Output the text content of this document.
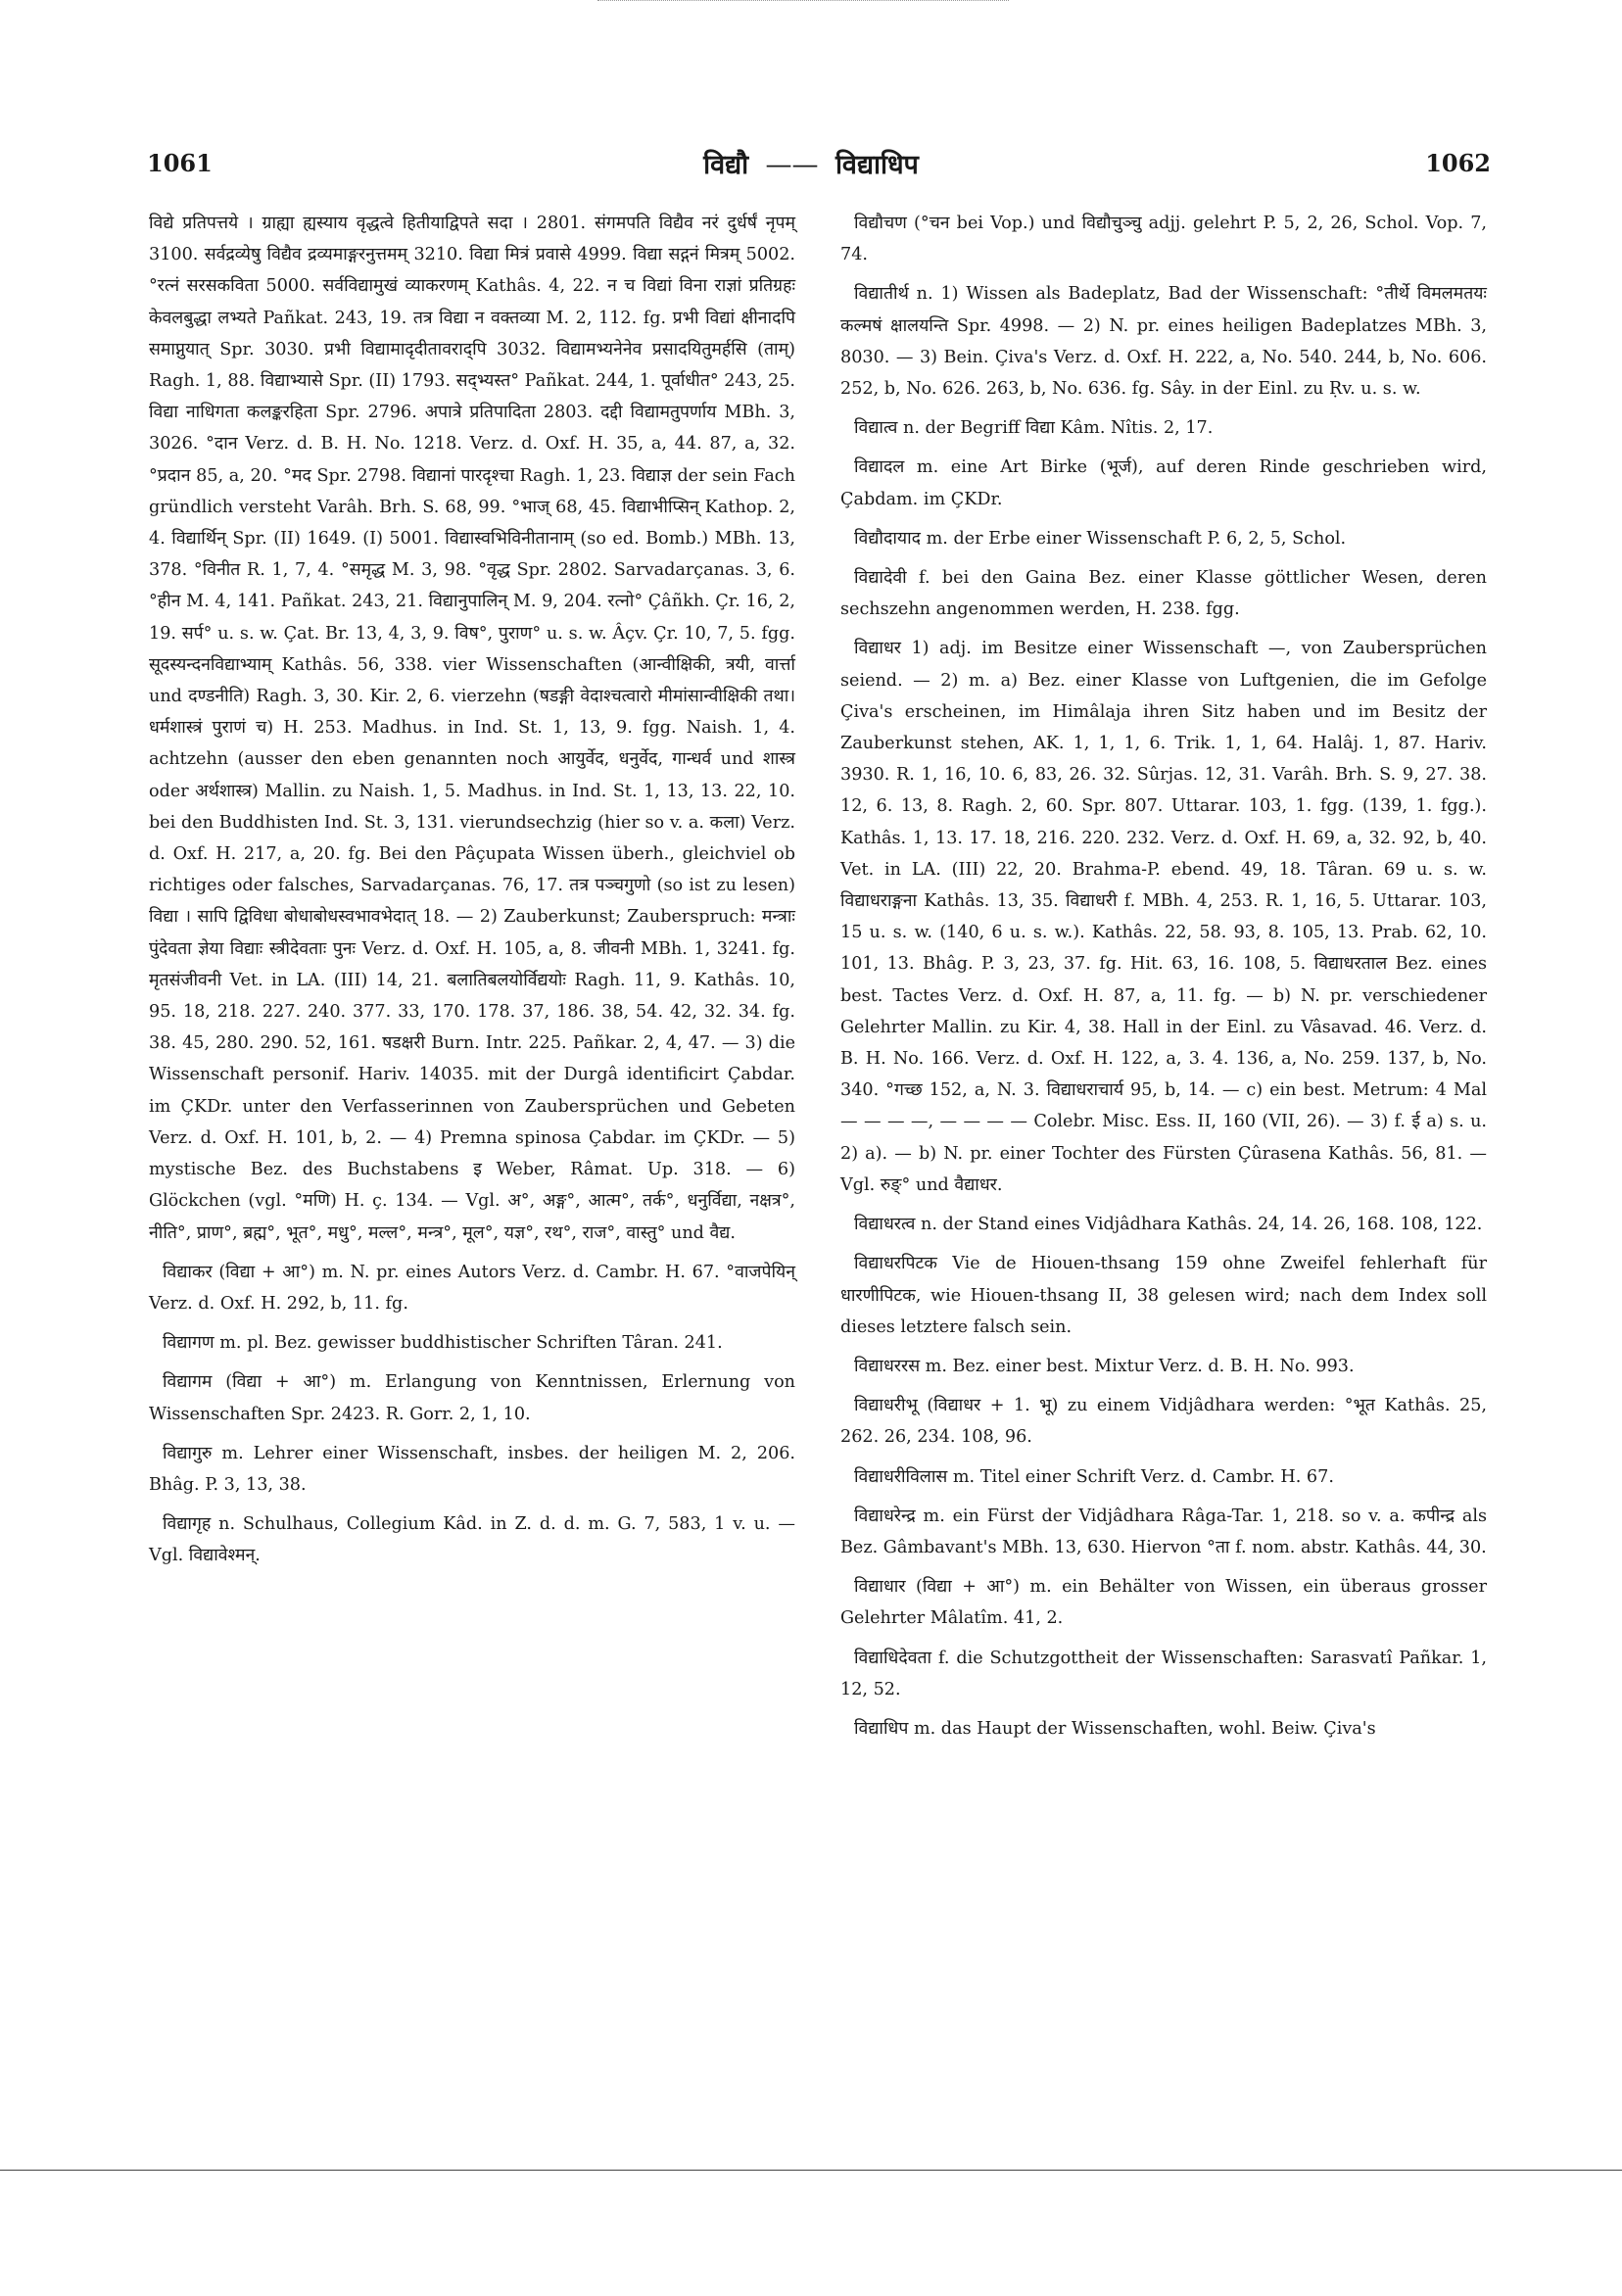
1061	विद्यौ —— विद्याधिप	1062

विद्ये प्रतिपत्तये । ग्राह्या ह्यस्याय वृद्धत्वे हितीयाद्विपते सदा । 2801. संगमपति विद्यैव नरं दुर्धर्षं नृपम् 3100. सर्वद्रव्येषु विद्यैव द्रव्यमाङ्गरनुत्तमम् 3210. विद्या मित्रं प्रवासे 4999. विद्या सद्गनं मित्रम् 5002. °रत्नं सरसकविता 5000. सर्वविद्यामुखं व्याकरणम् Kathâs. 4, 22. न च विद्यां विना राज्ञां प्रतिग्रहः केवलबुद्धा लभ्यते Pañkat. 243, 19. तत्र विद्या न वक्तव्या M. 2, 112. fg. प्रभी विद्यां क्षीनादपि समाप्नुयात् Spr. 3030. प्रभी विद्यामादृदीतावराद्पि 3032. विद्यामभ्यनेनेव प्रसादयितुमर्हसि (ताम्) Ragh. 1, 88. विद्याभ्यासे Spr. (II) 1793. सद्भ्यस्त° Pañkat. 244, 1. पूर्वाधीत° 243, 25. विद्या नाधिगता कलङ्करहिता Spr. 2796. अपात्रे प्रतिपादिता 2803. दद्दी विद्यामतुपर्णाय MBh. 3, 3026. °दान Verz. d. B. H. No. 1218. Verz. d. Oxf. H. 35, a, 44. 87, a, 32. °प्रदान 85, a, 20. °मद Spr. 2798. विद्यानां पारदृश्चा Ragh. 1, 23. विद्याज्ञ der sein Fach gründlich versteht Varâh. Brh. S. 68, 99. °भाज् 68, 45. विद्याभीप्सिन् Kathop. 2, 4. विद्यार्थिन् Spr. (II) 1649. (I) 5001. विद्यास्वभिविनीतानाम् (so ed. Bomb.) MBh. 13, 378. °विनीत R. 1, 7, 4. °समृद्ध M. 3, 98. °वृद्ध Spr. 2802. Sarvadarçanas. 3, 6. °हीन M. 4, 141. Pañkat. 243, 21. विद्यानुपालिन् M. 9, 204. रत्नो° Çâñkh. Çr. 16, 2, 19. सर्प° u. s. w. Çat. Br. 13, 4, 3, 9. विष°, पुराण° u. s. w. Âçv. Çr. 10, 7, 5. fgg. सूदस्यन्दनविद्याभ्याम् Kathâs. 56, 338. vier Wissenschaften (आन्वीक्षिकी, त्रयी, वार्त्ता und दण्डनीति) Ragh. 3, 30. Kir. 2, 6. vierzehn (षडङ्गी वेदाश्चत्वारो मीमांसान्वीक्षिकी तथा। धर्मशास्त्रं पुराणं च) H. 253. Madhus. in Ind. St. 1, 13, 9. fgg. Naish. 1, 4. achtzehn (ausser den eben genannten noch आयुर्वेद, धनुर्वेद, गान्धर्व und शास्त्र oder अर्थशास्त्र) Mallin. zu Naish. 1, 5. Madhus. in Ind. St. 1, 13, 13. 22, 10. bei den Buddhisten Ind. St. 3, 131. vierundsechzig (hier so v. a. कला) Verz. d. Oxf. H. 217, a, 20. fg. Bei den Pâçupata Wissen überh., gleichviel ob richtiges oder falsches, Sarvadarçanas. 76, 17. तत्र पञ्चगुणो (so ist zu lesen) विद्या । सापि द्विविधा बोधाबोधस्वभावभेदात् 18. — 2) Zauberkunst; Zauberspruch: मन्त्राः पुंदेवता ज्ञेया विद्याः स्त्रीदेवताः पुनः Verz. d. Oxf. H. 105, a, 8. जीवनी MBh. 1, 3241. fg. मृतसंजीवनी Vet. in LA. (III) 14, 21. बलातिबलयोर्विद्ययोः Ragh. 11, 9. Kathâs. 10, 95. 18, 218. 227. 240. 377. 33, 170. 178. 37, 186. 38, 54. 42, 32. 34. fg. 38. 45, 280. 290. 52, 161. षडक्षरी Burn. Intr. 225. Pañkar. 2, 4, 47. — 3) die Wissenschaft personif. Hariv. 14035. mit der Durgâ identificirt Çabdar. im ÇKDr. unter den Verfasserinnen von Zaubersprüchen und Gebeten Verz. d. Oxf. H. 101, b, 2. — 4) Premna spinosa Çabdar. im ÇKDr. — 5) mystische Bez. des Buchstabens इ Weber, Râmat. Up. 318. — 6) Glöckchen (vgl. °मणि) H. ç. 134. — Vgl. अ°, अङ्ग°, आत्म°, तर्क°, धनुर्विद्या, नक्षत्र°, नीति°, प्राण°, ब्रह्म°, भूत°, मधु°, मल्ल°, मन्त्र°, मूल°, यज्ञ°, रथ°, राज°, वास्तु° und वैद्य.

विद्याकर (विद्या + आ°) m. N. pr. eines Autors Verz. d. Cambr. H. 67. °वाजपेयिन् Verz. d. Oxf. H. 292, b, 11. fg.

विद्यागण m. pl. Bez. gewisser buddhistischer Schriften Târan. 241.

विद्यागम (विद्या + आ°) m. Erlangung von Kenntnissen, Erlernung von Wissenschaften Spr. 2423. R. Gorr. 2, 1, 10.

विद्यागुरु m. Lehrer einer Wissenschaft, insbes. der heiligen M. 2, 206. Bhâg. P. 3, 13, 38.

विद्यागृह n. Schulhaus, Collegium Kâd. in Z. d. d. m. G. 7, 583, 1 v. u. — Vgl. विद्यावेश्मन्.

विद्यौचण (°चन bei Vop.) und विद्यौचुञ्चु adjj. gelehrt P. 5, 2, 26, Schol. Vop. 7, 74.

विद्यातीर्थ n. 1) Wissen als Badeplatz, Bad der Wissenschaft: °तीर्थे विमलमतयः कल्मषं क्षालयन्ति Spr. 4998. — 2) N. pr. eines heiligen Badeplatzes MBh. 3, 8030. — 3) Bein. Çiva's Verz. d. Oxf. H. 222, a, No. 540. 244, b, No. 606. 252, b, No. 626. 263, b, No. 636. fg. Sây. in der Einl. zu Ṛv. u. s. w.

विद्यात्व n. der Begriff विद्या Kâm. Nîtis. 2, 17.

विद्यादल m. eine Art Birke (भूर्ज), auf deren Rinde geschrieben wird, Çabdam. im ÇKDr.

विद्यौदायाद m. der Erbe einer Wissenschaft P. 6, 2, 5, Schol.

विद्यादेवी f. bei den Gaina Bez. einer Klasse göttlicher Wesen, deren sechszehn angenommen werden, H. 238. fgg.

विद्याधर 1) adj. im Besitze einer Wissenschaft —, von Zaubersprüchen seiend. — 2) m. a) Bez. einer Klasse von Luftgenien, die im Gefolge Çiva's erscheinen, im Himâlaja ihren Sitz haben und im Besitz der Zauberkunst stehen, AK. 1, 1, 1, 6. Trik. 1, 1, 64. Halâj. 1, 87. Hariv. 3930. R. 1, 16, 10. 6, 83, 26. 32. Sûrjas. 12, 31. Varâh. Brh. S. 9, 27. 38. 12, 6. 13, 8. Ragh. 2, 60. Spr. 807. Uttarar. 103, 1. fgg. (139, 1. fgg.). Kathâs. 1, 13. 17. 18, 216. 220. 232. Verz. d. Oxf. H. 69, a, 32. 92, b, 40. Vet. in LA. (III) 22, 20. Brahma-P. ebend. 49, 18. Târan. 69 u. s. w. विद्याधराङ्गना Kathâs. 13, 35. विद्याधरी f. MBh. 4, 253. R. 1, 16, 5. Uttarar. 103, 15 u. s. w. (140, 6 u. s. w.). Kathâs. 22, 58. 93, 8. 105, 13. Prab. 62, 10. 101, 13. Bhâg. P. 3, 23, 37. fg. Hit. 63, 16. 108, 5. विद्याधरताल Bez. eines best. Tactes Verz. d. Oxf. H. 87, a, 11. fg. — b) N. pr. verschiedener Gelehrter Mallin. zu Kir. 4, 38. Hall in der Einl. zu Vâsavad. 46. Verz. d. B. H. No. 166. Verz. d. Oxf. H. 122, a, 3. 4. 136, a, No. 259. 137, b, No. 340. °गच्छ 152, a, N. 3. विद्याधराचार्य 95, b, 14. — c) ein best. Metrum: 4 Mal — — — —, — — — — Colebr. Misc. Ess. II, 160 (VII, 26). — 3) f. ई a) s. u. 2) a). — b) N. pr. einer Tochter des Fürsten Çûrasena Kathâs. 56, 81. — Vgl. रुङ्° und वैद्याधर.

विद्याधरत्व n. der Stand eines Vidjâdhara Kathâs. 24, 14. 26, 168. 108, 122.

विद्याधरपिटक Vie de Hiouen-thsang 159 ohne Zweifel fehlerhaft für धारणीपिटक, wie Hiouen-thsang II, 38 gelesen wird; nach dem Index soll dieses letztere falsch sein.

विद्याधररस m. Bez. einer best. Mixtur Verz. d. B. H. No. 993.

विद्याधरीभू (विद्याधर + 1. भू) zu einem Vidjâdhara werden: °भूत Kathâs. 25, 262. 26, 234. 108, 96.

विद्याधरीविलास m. Titel einer Schrift Verz. d. Cambr. H. 67.

विद्याधरेन्द्र m. ein Fürst der Vidjâdhara Râga-Tar. 1, 218. so v. a. कपीन्द्र als Bez. Gâmbavant's MBh. 13, 630. Hiervon °ता f. nom. abstr. Kathâs. 44, 30.

विद्याधार (विद्या + आ°) m. ein Behälter von Wissen, ein überaus grosser Gelehrter Mâlatîm. 41, 2.

विद्याधिदेवता f. die Schutzgottheit der Wissenschaften: Sarasvatî Pañkar. 1, 12, 52.

विद्याधिप m. das Haupt der Wissenschaften, wohl. Beiw. Çiva's
